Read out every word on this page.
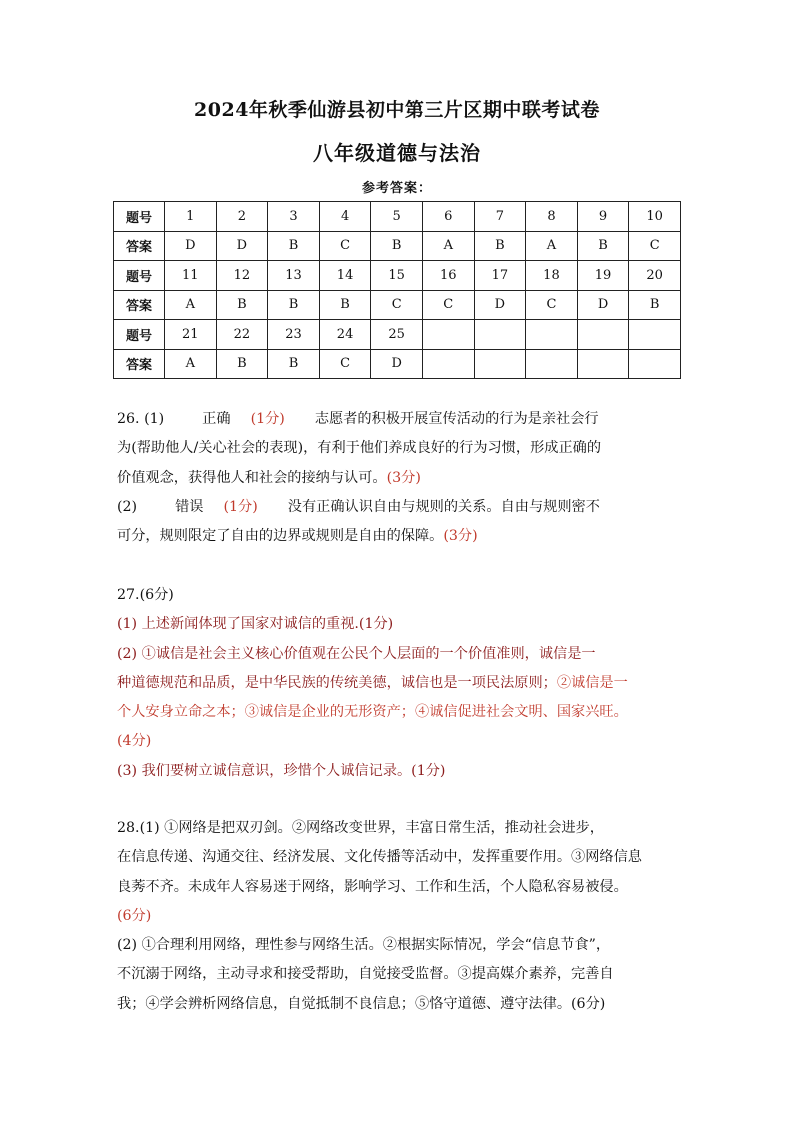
2024年秋季仙游县初中第三片区期中联考试卷
八年级道德与法治
参考答案：
题号	1	2	3	4	5	6	7	8	9	10
答案	D	D	B	C	B	A	B	A	B	C
题号	11	12	13	14	15	16	17	18	19	20
答案	A	B	B	B	C	C	D	C	D	B
题号	21	22	23	24	25					
答案	A	B	B	C	D					
26. (1)	正确 (1分) 志愿者的积极开展宣传活动的行为是亲社会行
为(帮助他人/关心社会的表现)，有利于他们养成良好的行为习惯，形成正确的
价值观念，获得他人和社会的接纳与认可。(3分)
(2)	错误 (1分) 没有正确认识自由与规则的关系。自由与规则密不
可分，规则限定了自由的边界或规则是自由的保障。(3分)
27.(6分)
(1) 上述新闻体现了国家对诚信的重视.(1分)
(2) ①诚信是社会主义核心价值观在公民个人层面的一个价值准则，诚信是一
种道德规范和品质，是中华民族的传统美德，诚信也是一项民法原则；②诚信是一
个人安身立命之本；③诚信是企业的无形资产；④诚信促进社会文明、国家兴旺。
(4分)
(3) 我们要树立诚信意识，珍惜个人诚信记录。(1分)
28.(1) ①网络是把双刃剑。②网络改变世界，丰富日常生活，推动社会进步，
在信息传递、沟通交往、经济发展、文化传播等活动中，发挥重要作用。③网络信息
良莠不齐。未成年人容易迷于网络，影响学习、工作和生活，个人隐私容易被侵。
(6分)
(2) ①合理利用网络，理性参与网络生活。②根据实际情况，学会“信息节食”，
不沉溺于网络，主动寻求和接受帮助，自觉接受监督。③提高媒介素养，完善自
我；④学会辨析网络信息，自觉抵制不良信息；⑤恪守道德、遵守法律。(6分)
